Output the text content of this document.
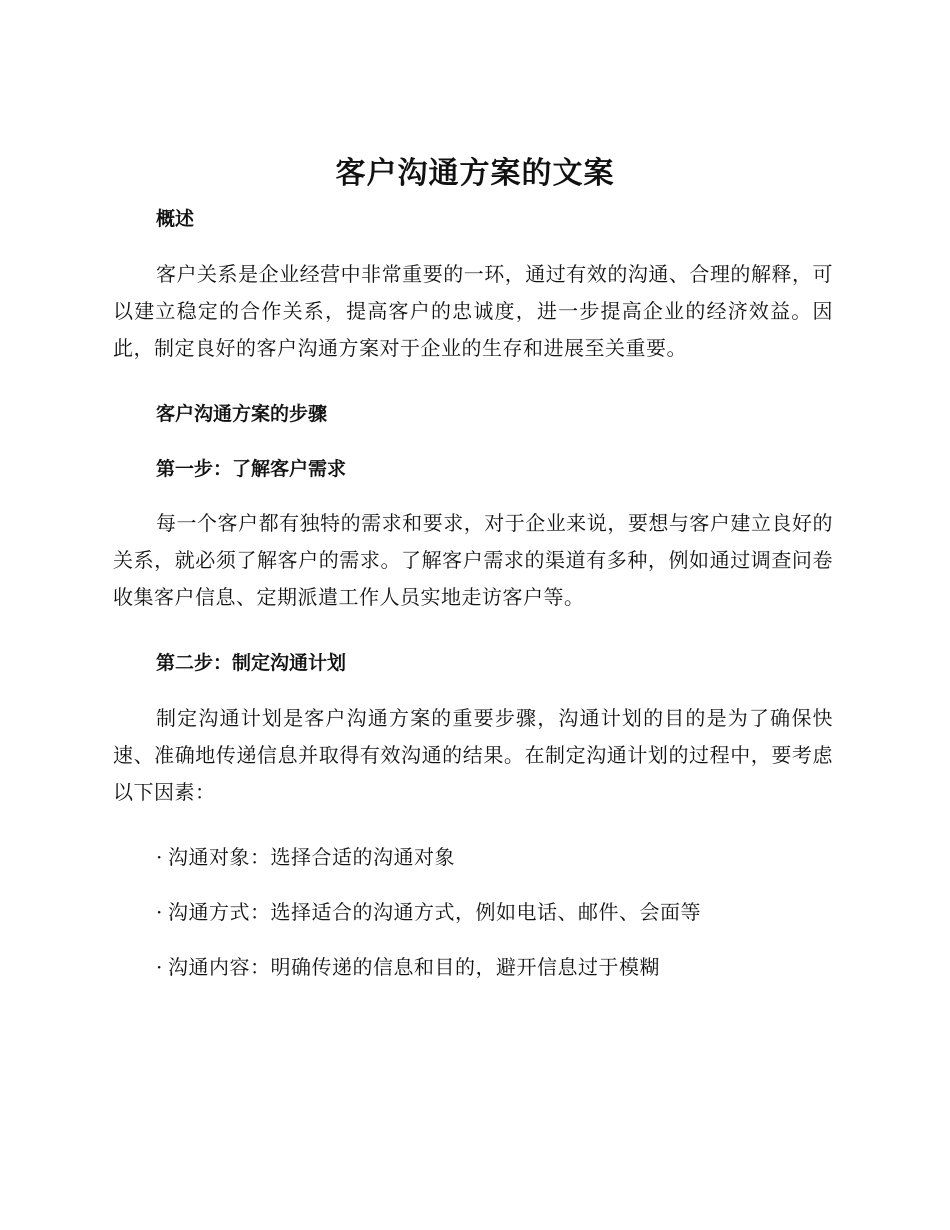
客户沟通方案的文案
概述

客户关系是企业经营中非常重要的一环，通过有效的沟通、合理的解释，可以建立稳定的合作关系，提高客户的忠诚度，进一步提高企业的经济效益。因此，制定良好的客户沟通方案对于企业的生存和进展至关重要。

客户沟通方案的步骤
第一步：了解客户需求

每一个客户都有独特的需求和要求，对于企业来说，要想与客户建立良好的关系，就必须了解客户的需求。了解客户需求的渠道有多种，例如通过调查问卷收集客户信息、定期派遣工作人员实地走访客户等。

第二步：制定沟通计划

制定沟通计划是客户沟通方案的重要步骤，沟通计划的目的是为了确保快速、准确地传递信息并取得有效沟通的结果。在制定沟通计划的过程中，要考虑以下因素：

· 沟通对象：选择合适的沟通对象

· 沟通方式：选择适合的沟通方式，例如电话、邮件、会面等

· 沟通内容：明确传递的信息和目的，避开信息过于模糊
